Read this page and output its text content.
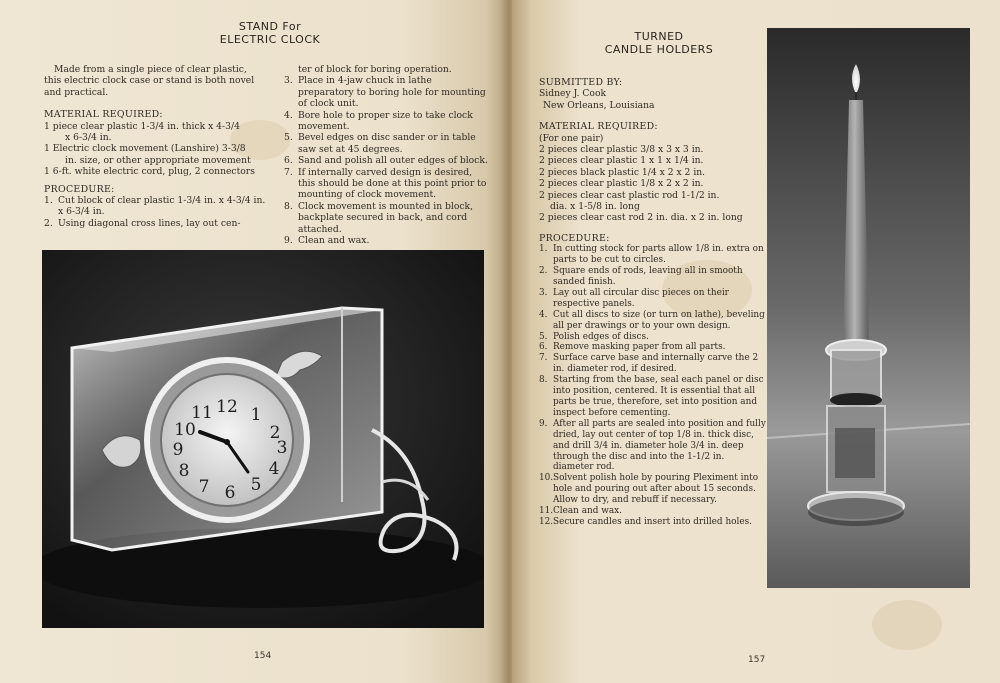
STAND For
ELECTRIC CLOCK
Made from a single piece of clear plastic,
this electric clock case or stand is both novel
and practical.
MATERIAL REQUIRED:
1 piece clear plastic 1-3/4 in. thick x 4-3/4
x 6-3/4 in.
1 Electric clock movement (Lanshire) 3-3/8
in. size, or other appropriate movement
1 6-ft. white electric cord, plug, 2 connectors
PROCEDURE:
1. Cut block of clear plastic 1-3/4 in. x 4-3/4 in. x 6-3/4 in.
2. Using diagonal cross lines, lay out cen-
ter of block for boring operation.
3. Place in 4-jaw chuck in lathe preparatory to boring hole for mounting of clock unit.
4. Bore hole to proper size to take clock movement.
5. Bevel edges on disc sander or in table saw set at 45 degrees.
6. Sand and polish all outer edges of block.
7. If internally carved design is desired, this should be done at this point prior to mounting of clock movement.
8. Clock movement is mounted in block, backplate secured in back, and cord attached.
9. Clean and wax.
12 1
2
3
4
5
6
7
8
9
10
11
154
TURNED
CANDLE HOLDERS
SUBMITTED BY:
Sidney J. Cook
New Orleans, Louisiana
MATERIAL REQUIRED:
(For one pair)
2 pieces clear plastic 3/8 x 3 x 3 in.
2 pieces clear plastic 1 x 1 x 1/4 in.
2 pieces black plastic 1/4 x 2 x 2 in.
2 pieces clear plastic 1/8 x 2 x 2 in.
2 pieces clear cast plastic rod 1-1/2 in.
dia. x 1-5/8 in. long
2 pieces clear cast rod 2 in. dia. x 2 in. long
PROCEDURE:
1. In cutting stock for parts allow 1/8 in. extra on parts to be cut to circles.
2. Square ends of rods, leaving all in smooth sanded finish.
3. Lay out all circular disc pieces on their respective panels.
4. Cut all discs to size (or turn on lathe), beveling all per drawings or to your own design.
5. Polish edges of discs.
6. Remove masking paper from all parts.
7. Surface carve base and internally carve the 2 in. diameter rod, if desired.
8. Starting from the base, seal each panel or disc into position, centered. It is essential that all parts be true, therefore, set into position and inspect before cementing.
9. After all parts are sealed into position and fully dried, lay out center of top 1/8 in. thick disc, and drill 3/4 in. diameter hole 3/4 in. deep through the disc and into the 1-1/2 in. diameter rod.
10. Solvent polish hole by pouring Pleximent into hole and pouring out after about 15 seconds. Allow to dry, and rebuff if necessary.
11. Clean and wax.
12. Secure candles and insert into drilled holes.
157
